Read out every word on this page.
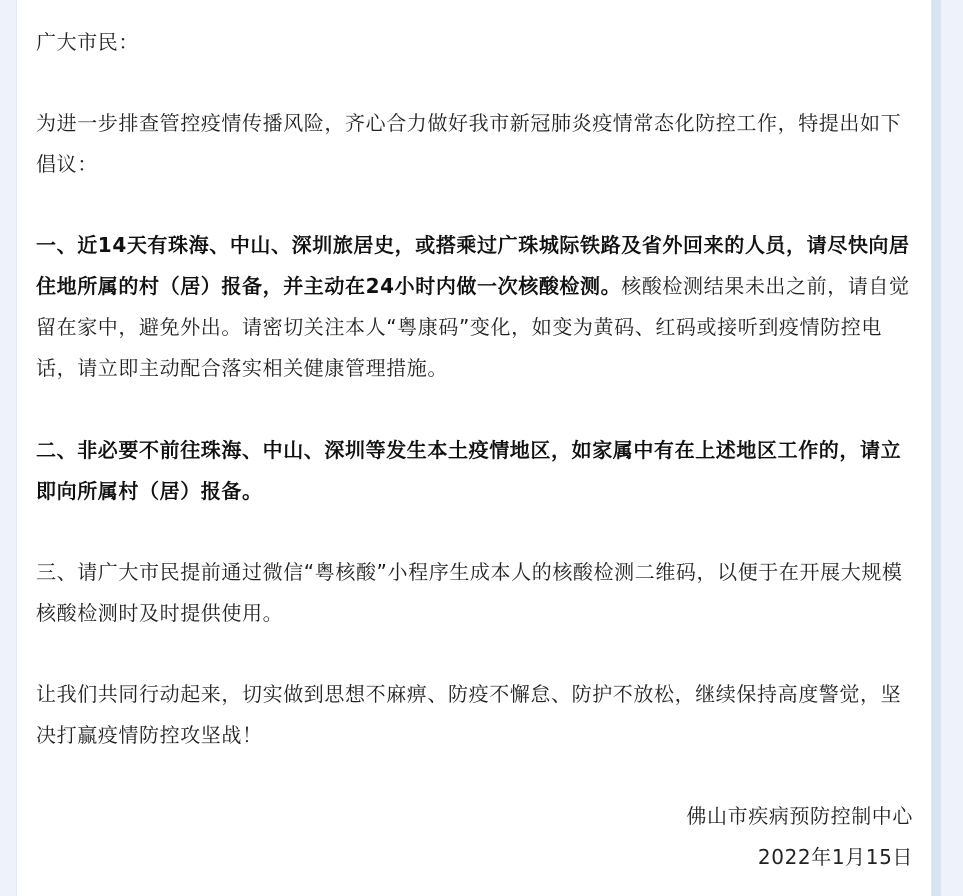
广大市民：

为进一步排查管控疫情传播风险，齐心合力做好我市新冠肺炎疫情常态化防控工作，特提出如下倡议：

一、近14天有珠海、中山、深圳旅居史，或搭乘过广珠城际铁路及省外回来的人员，请尽快向居住地所属的村（居）报备，并主动在24小时内做一次核酸检测。核酸检测结果未出之前，请自觉留在家中，避免外出。请密切关注本人“粤康码”变化，如变为黄码、红码或接听到疫情防控电话，请立即主动配合落实相关健康管理措施。

二、非必要不前往珠海、中山、深圳等发生本土疫情地区，如家属中有在上述地区工作的，请立即向所属村（居）报备。

三、请广大市民提前通过微信“粤核酸”小程序生成本人的核酸检测二维码，以便于在开展大规模核酸检测时及时提供使用。

让我们共同行动起来，切实做到思想不麻痹、防疫不懈怠、防护不放松，继续保持高度警觉，坚决打赢疫情防控攻坚战！

佛山市疾病预防控制中心
2022年1月15日
